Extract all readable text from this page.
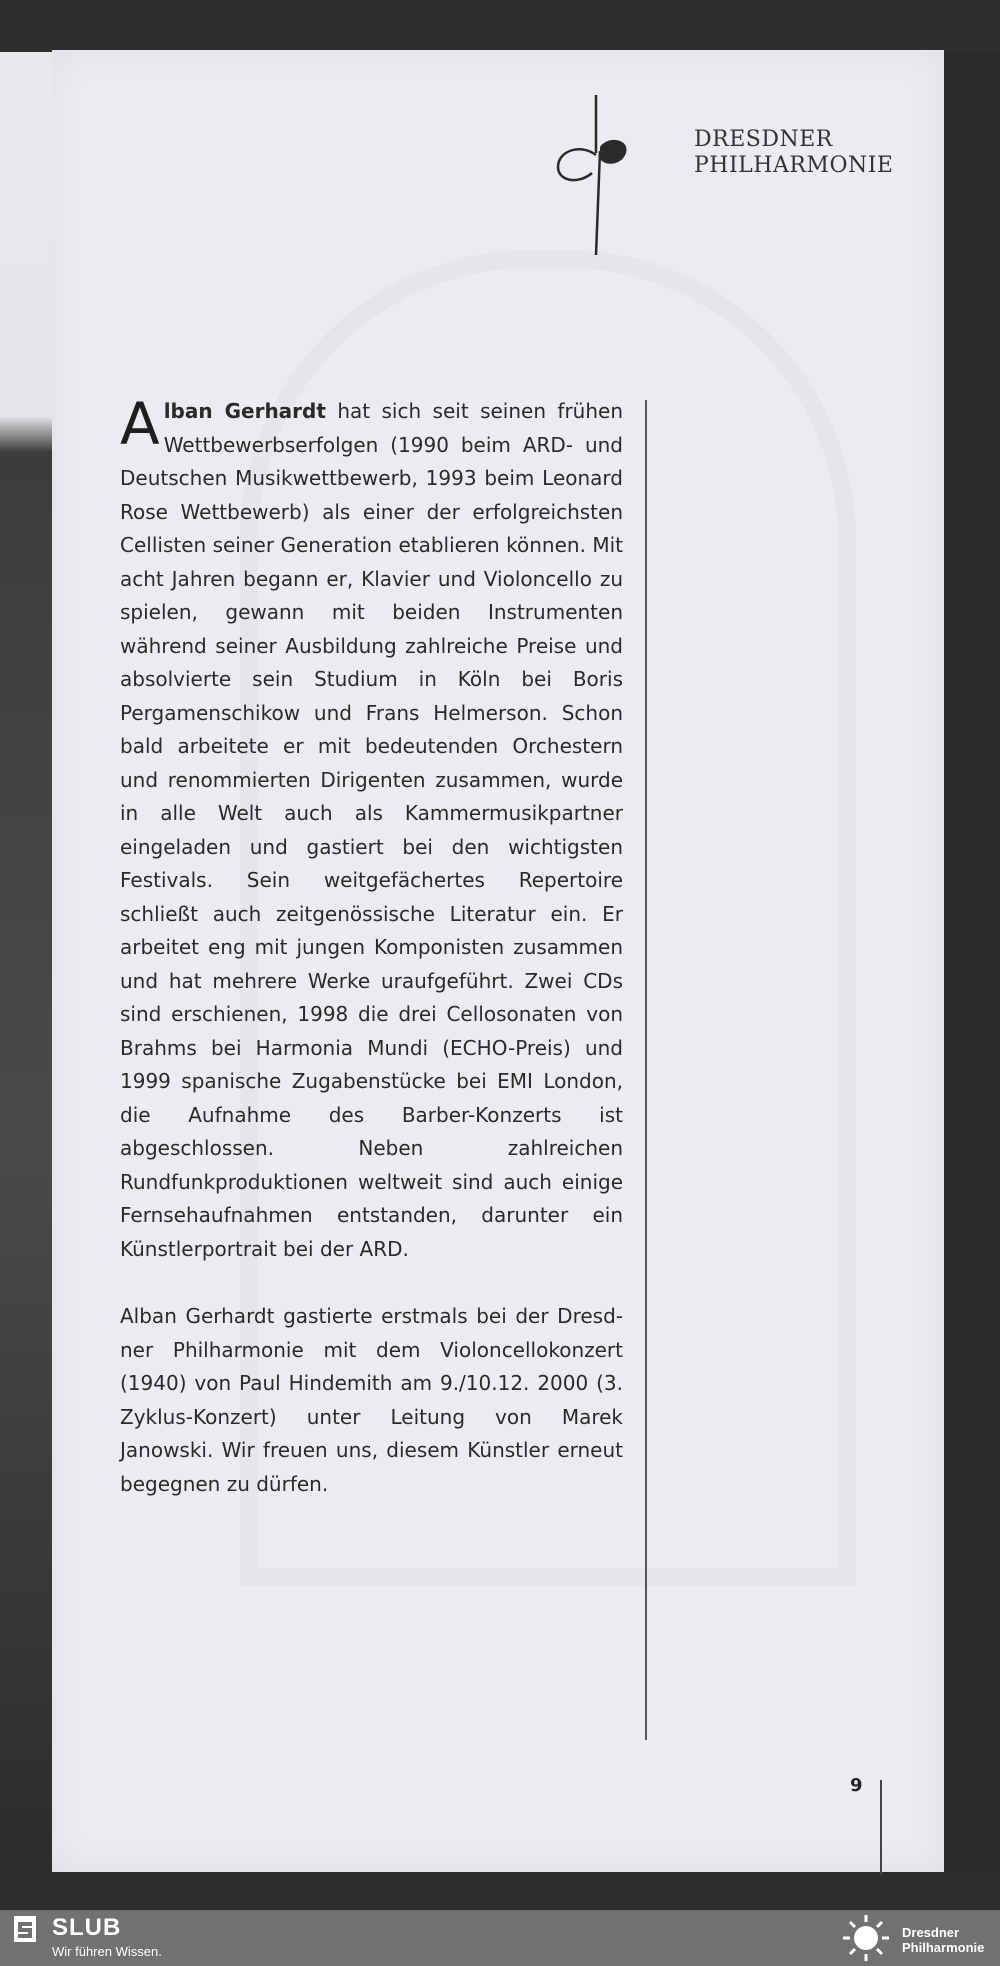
DRESDNER
PHILHARMONIE

Alban Gerhardt hat sich seit seinen frühen Wettbewerbserfolgen (1990 beim ARD- und Deutschen Musikwettbewerb, 1993 beim Leonard Rose Wettbewerb) als einer der erfolgreichsten Cellisten seiner Generation etablieren können. Mit acht Jahren begann er, Klavier und Violoncello zu spielen, gewann mit beiden Instrumenten während seiner Ausbildung zahlreiche Preise und absolvierte sein Studium in Köln bei Boris Pergamenschikow und Frans Helmerson. Schon bald arbeitete er mit bedeutenden Orchestern und renommierten Dirigenten zusammen, wurde in alle Welt auch als Kammermusikpartner eingeladen und gastiert bei den wichtigsten Festivals. Sein weitgefächertes Repertoire schließt auch zeitgenössische Literatur ein. Er arbeitet eng mit jungen Komponisten zusammen und hat mehrere Werke uraufgeführt. Zwei CDs sind erschienen, 1998 die drei Cellosonaten von Brahms bei Harmonia Mundi (ECHO-Preis) und 1999 spanische Zugabenstücke bei EMI London, die Aufnahme des Barber-Konzerts ist abgeschlossen. Neben zahlreichen Rundfunkproduktionen weltweit sind auch einige Fernsehaufnahmen entstanden, darunter ein Künstlerportrait bei der ARD.

Alban Gerhardt gastierte erstmals bei der Dresdner Philharmonie mit dem Violoncellokonzert (1940) von Paul Hindemith am 9./10.12. 2000 (3. Zyklus-Konzert) unter Leitung von Marek Janowski. Wir freuen uns, diesem Künstler erneut begegnen zu dürfen.

9
SLUB
Wir führen Wissen.
Dresdner
Philharmonie
